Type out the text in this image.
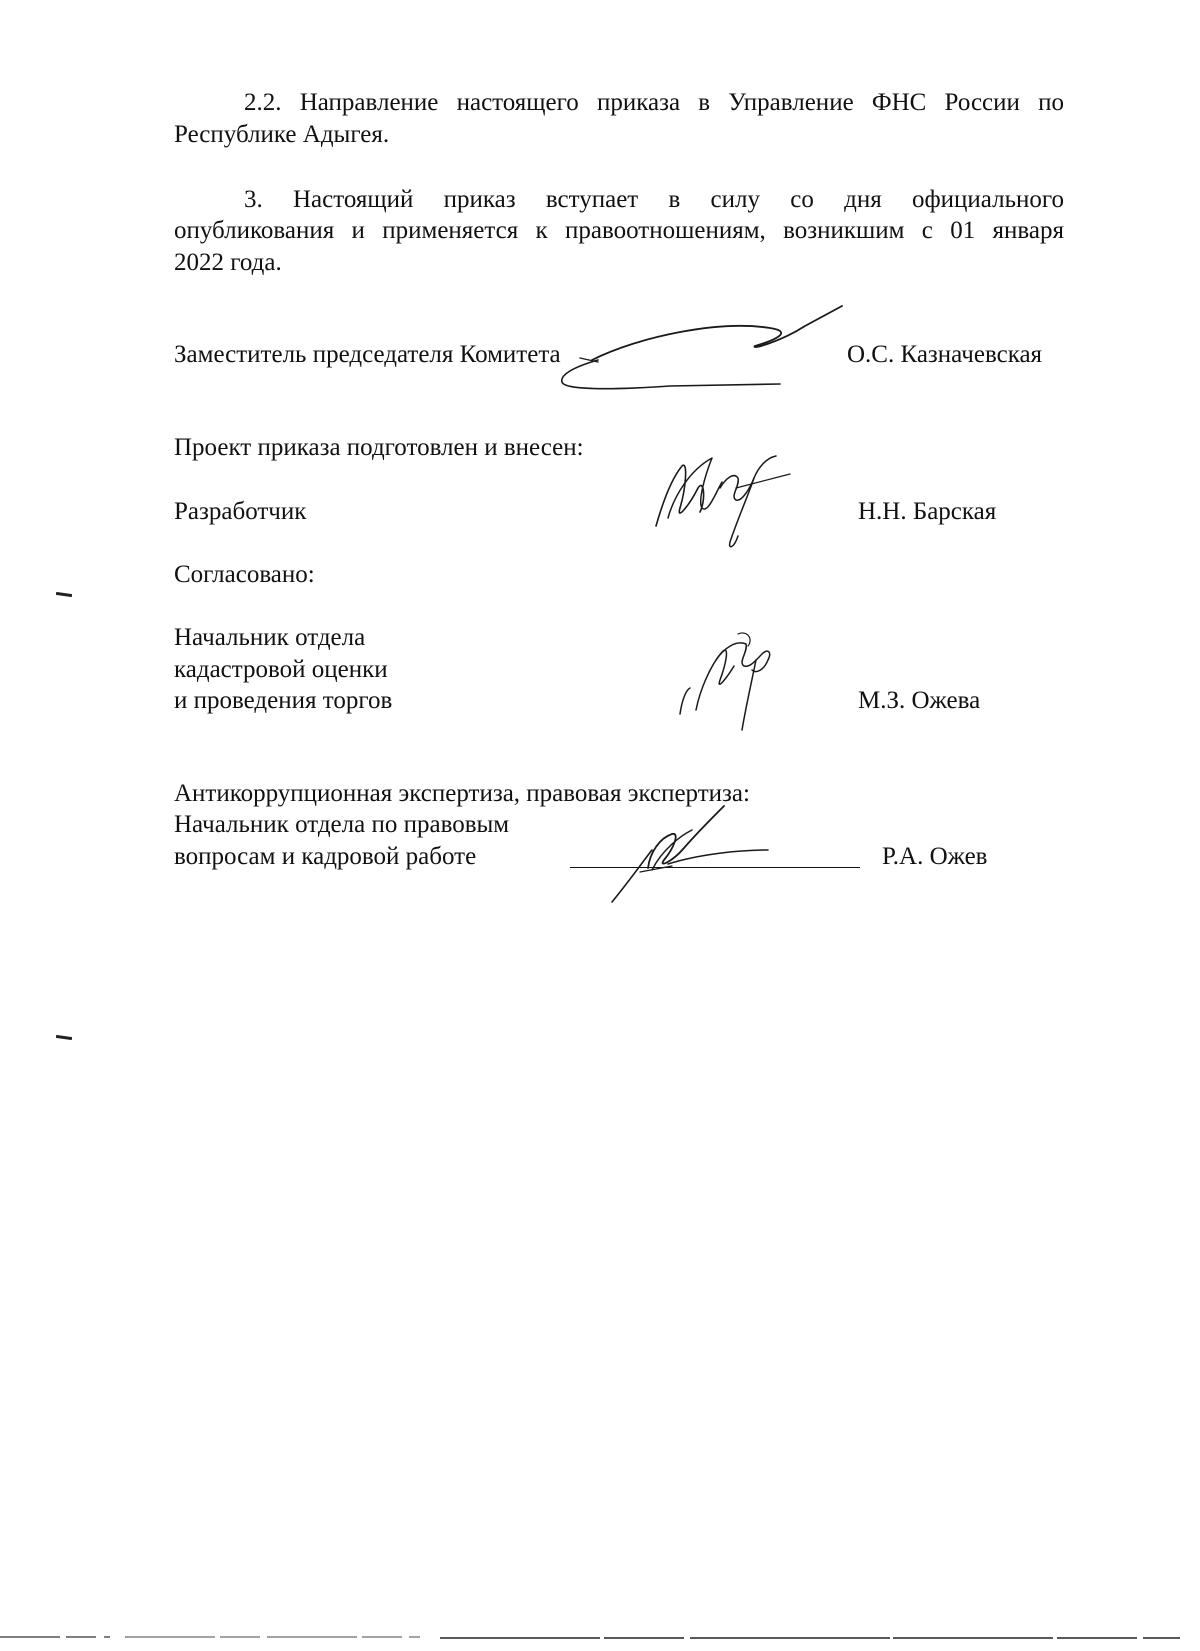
2.2. Направление настоящего приказа в Управление ФНС России по
Республике Адыгея.
3. Настоящий приказ вступает в силу со дня официального
опубликования и применяется к правоотношениям, возникшим с 01 января
2022 года.
Заместитель председателя Комитета	О.С. Казначевская
Проект приказа подготовлен и внесен:
Разработчик	Н.Н. Барская
Согласовано:
Начальник отдела
кадастровой оценки
и проведения торгов	М.З. Ожева
Антикоррупционная экспертиза, правовая экспертиза:
Начальник отдела по правовым
вопросам и кадровой работе	Р.А. Ожев
